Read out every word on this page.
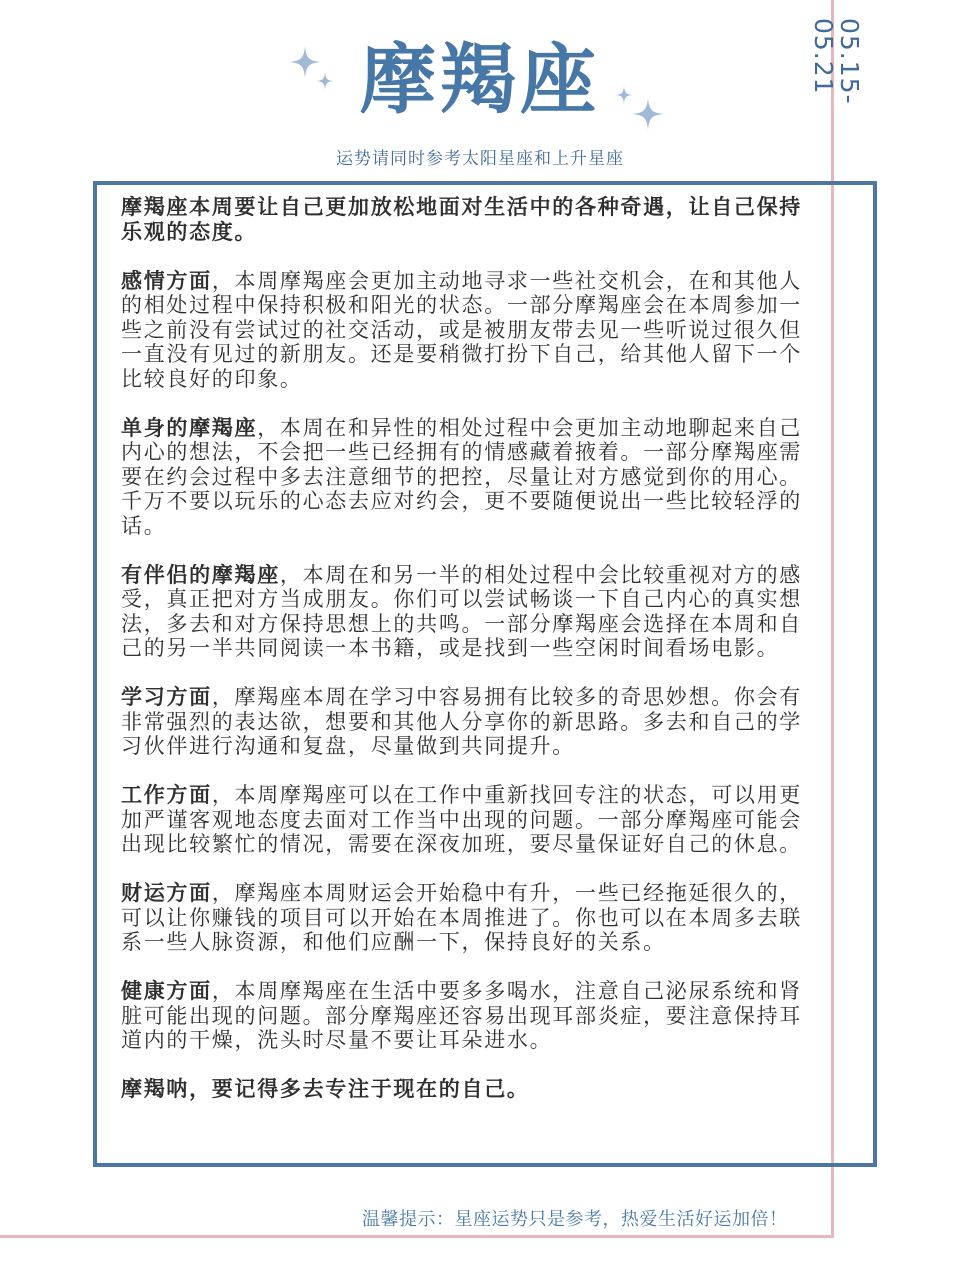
05.15-05.21
摩羯座
运势请同时参考太阳星座和上升星座

摩羯座本周要让自己更加放松地面对生活中的各种奇遇，让自己保持乐观的态度。

感情方面，本周摩羯座会更加主动地寻求一些社交机会，在和其他人的相处过程中保持积极和阳光的状态。一部分摩羯座会在本周参加一些之前没有尝试过的社交活动，或是被朋友带去见一些听说过很久但一直没有见过的新朋友。还是要稍微打扮下自己，给其他人留下一个比较良好的印象。

单身的摩羯座，本周在和异性的相处过程中会更加主动地聊起来自己内心的想法，不会把一些已经拥有的情感藏着掖着。一部分摩羯座需要在约会过程中多去注意细节的把控，尽量让对方感觉到你的用心。千万不要以玩乐的心态去应对约会，更不要随便说出一些比较轻浮的话。

有伴侣的摩羯座，本周在和另一半的相处过程中会比较重视对方的感受，真正把对方当成朋友。你们可以尝试畅谈一下自己内心的真实想法，多去和对方保持思想上的共鸣。一部分摩羯座会选择在本周和自己的另一半共同阅读一本书籍，或是找到一些空闲时间看场电影。

学习方面，摩羯座本周在学习中容易拥有比较多的奇思妙想。你会有非常强烈的表达欲，想要和其他人分享你的新思路。多去和自己的学习伙伴进行沟通和复盘，尽量做到共同提升。

工作方面，本周摩羯座可以在工作中重新找回专注的状态，可以用更加严谨客观地态度去面对工作当中出现的问题。一部分摩羯座可能会出现比较繁忙的情况，需要在深夜加班，要尽量保证好自己的休息。

财运方面，摩羯座本周财运会开始稳中有升，一些已经拖延很久的，可以让你赚钱的项目可以开始在本周推进了。你也可以在本周多去联系一些人脉资源，和他们应酬一下，保持良好的关系。

健康方面，本周摩羯座在生活中要多多喝水，注意自己泌尿系统和肾脏可能出现的问题。部分摩羯座还容易出现耳部炎症，要注意保持耳道内的干燥，洗头时尽量不要让耳朵进水。

摩羯呐，要记得多去专注于现在的自己。

温馨提示：星座运势只是参考，热爱生活好运加倍！
